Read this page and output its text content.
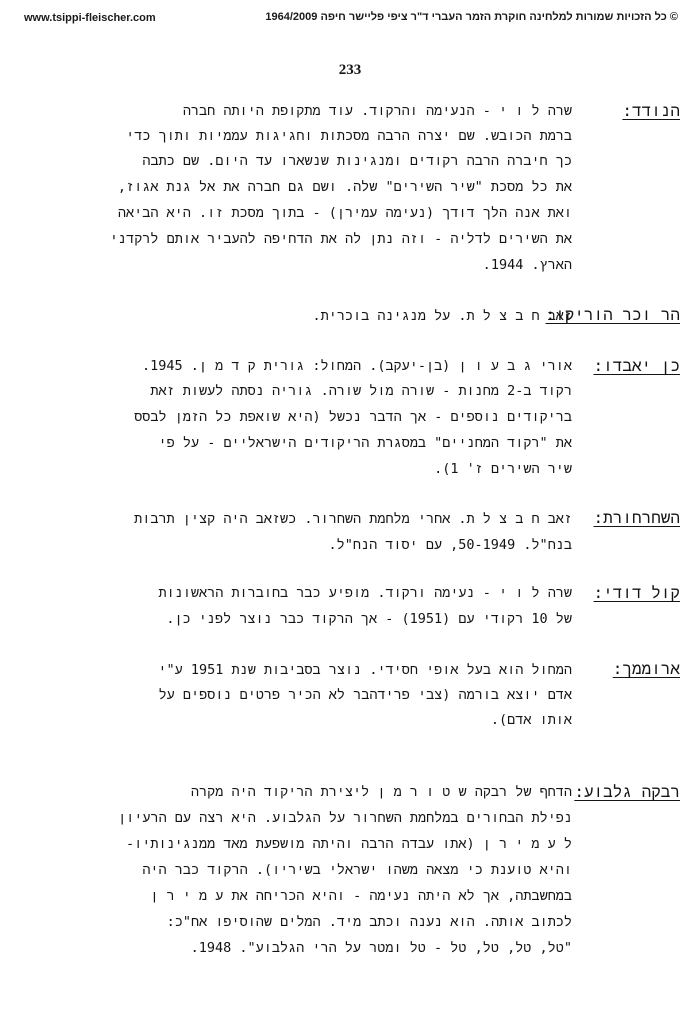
www.tsippi-fleischer.com	© כל הזכויות שמורות למלחינה חוקרת הזמר העברי ד"ר ציפי פליישר חיפה 1964/2009
233
הנודד:
שרה ל ו י - הנעימה והרקוד. עוד מתקופת היותה חברה
ברמת הכובש. שם יצרה הרבה מסכתות וחגיגות עממיות ותוך כדי
כך חיברה הרבה רקודים ומנגינות שנשארו עד היום. שם כתבה
את כל מסכת "שיר השירים" שלה. ושם גם חברה את אל גנת אגוז,
ואת אנה הלך דודך (נעימה עמירן) - בתוך מסכת זו. היא הביאה
את השירים לדליה - וזה נתן לה את הדחיפה להעביר אותם לרקדני
הארץ. 1944.
הר וכר הוריקו:
זאב ח ב צ ל ת. על מנגינה בוכרית.
כן יאבדו:
אורי ג ב ע ו ן (בן-יעקב). המחול: גורית ק ד מ ן. 1945.
רקוד ב-2 מחנות - שורה מול שורה. גוריה נסתה לעשות זאת
בריקודים נוספים - אך הדבר נכשל (היא שואפת כל הזמן לבסס
את "רקוד המחניים" במסגרת הריקודים הישראליים - על פי
שיר השירים ז' 1).
השחרחורת:
זאב ח ב צ ל ת. אחרי מלחמת השחרור. כשזאב היה קצין תרבות
בנח"ל. 50-1949, עם יסוד הנח"ל.
קול דודי:
שרה ל ו י - נעימה ורקוד. מופיע כבר בחוברות הראשונות
של 10 רקודי עם (1951) - אך הרקוד כבר נוצר לפני כן.
ארוממך:
המחול הוא בעל אופי חסידי. נוצר בסביבות שנת 1951 ע"י
אדם יוצא בורמה (צבי פרידהבר לא הכיר פרטים נוספים על
אותו אדם).
רבקה גלבוע:
הדחף של רבקה ש ט ו ר מ ן ליצירת הריקוד היה מקרה
נפילת הבחורים במלחמת השחרור על הגלבוע. היא רצה עם הרעיון
ל ע מ י ר ן (אתו עבדה הרבה והיתה מושפעת מאד ממנגינותיו-
והיא טוענת כי מצאה משהו ישראלי בשיריו). הרקוד כבר היה
במחשבתה, אך לא היתה נעימה - והיא הכריחה את ע מ י ר ן
לכתוב אותה. הוא נענה וכתב מיד. המלים שהוסיפו אח"כ:
"טל, טל, טל, טל - טל ומטר על הרי הגלבוע". 1948.
